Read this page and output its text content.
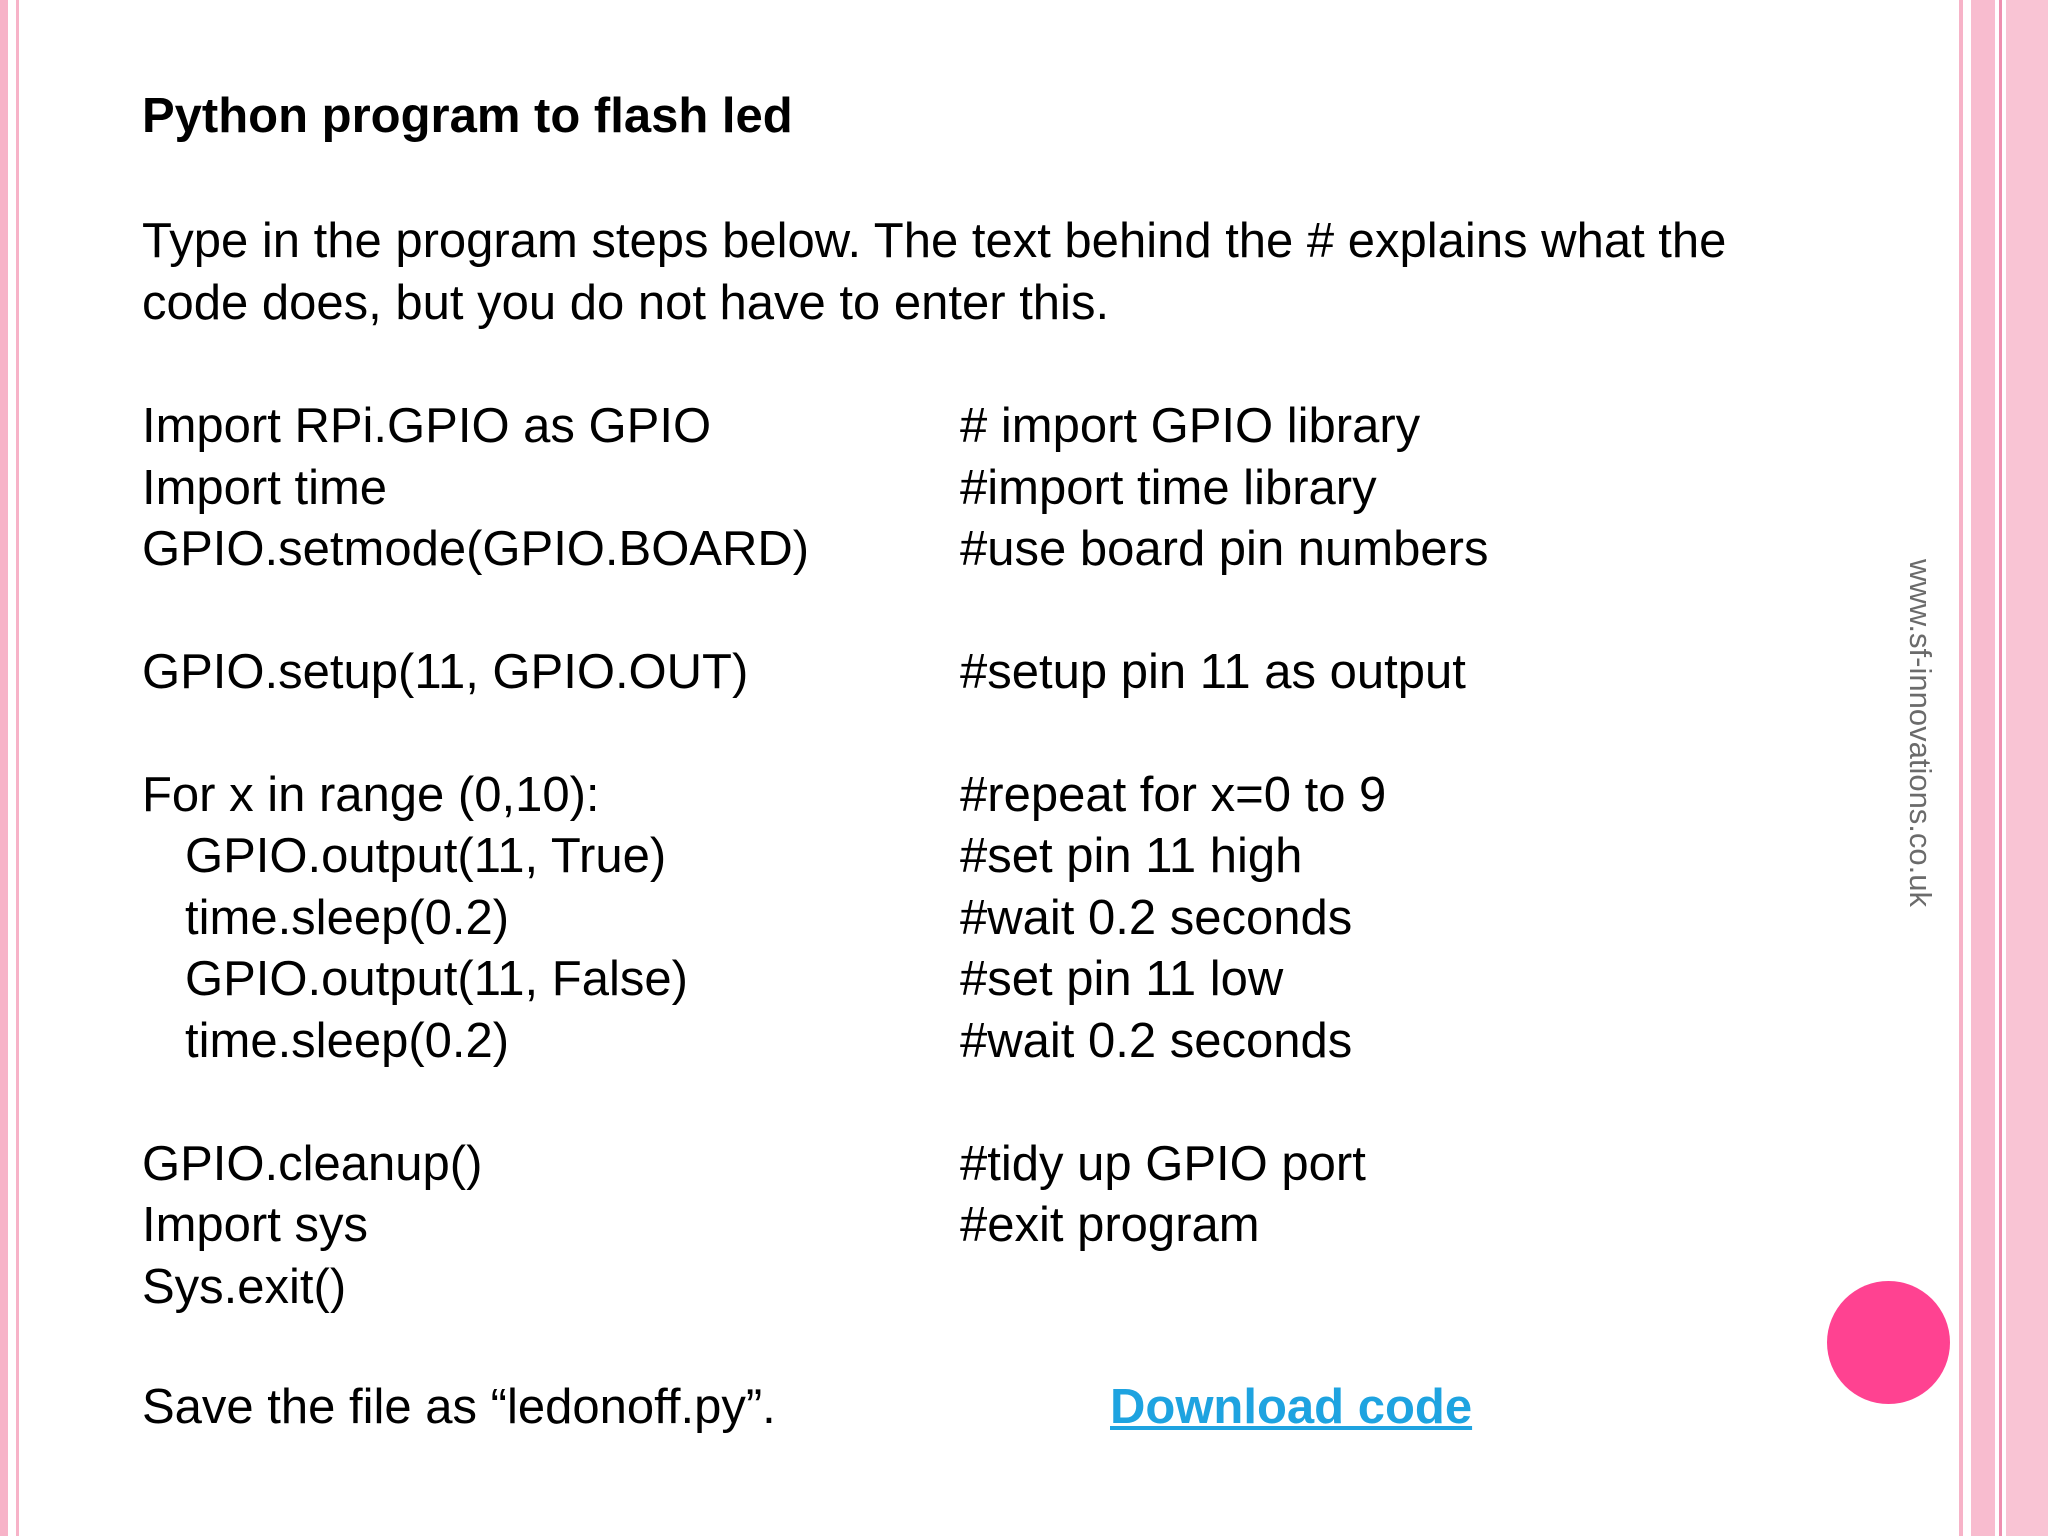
www.sf-innovations.co.uk
Python program to flash led
Type in the program steps below. The text behind the # explains what the
code does, but you do not have to enter this.
Import RPi.GPIO as GPIO
Import time
GPIO.setmode(GPIO.BOARD)
GPIO.setup(11, GPIO.OUT)
For x in range (0,10):
GPIO.output(11, True)
time.sleep(0.2)
GPIO.output(11, False)
time.sleep(0.2)
GPIO.cleanup()
Import sys
Sys.exit()
# import GPIO library
#import time library
#use board pin numbers
#setup pin 11 as output
#repeat for x=0 to 9
#set pin 11 high
#wait 0.2 seconds
#set pin 11 low
#wait 0.2 seconds
#tidy up GPIO port
#exit program
Save the file as “ledonoff.py”.	Download code
